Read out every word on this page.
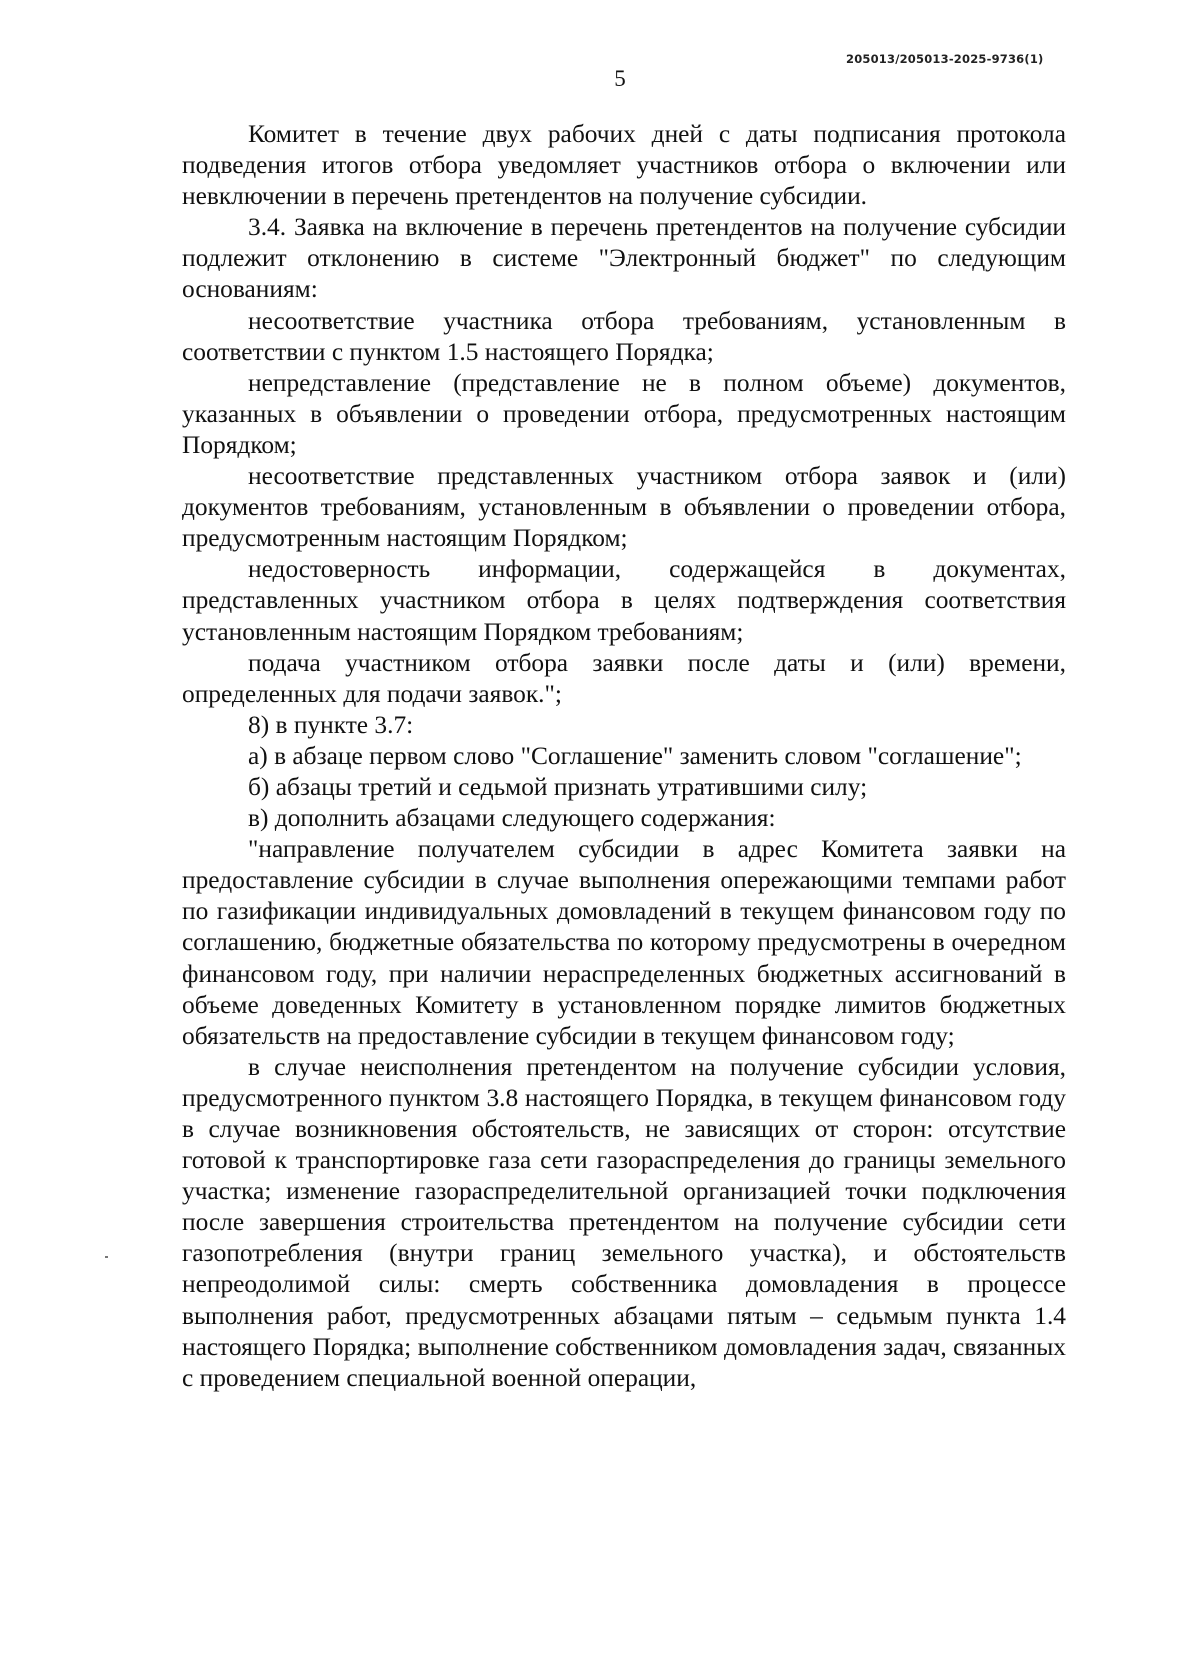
205013/205013-2025-9736(1)
5

Комитет в течение двух рабочих дней с даты подписания протокола подведения итогов отбора уведомляет участников отбора о включении или невключении в перечень претендентов на получение субсидии.

3.4. Заявка на включение в перечень претендентов на получение субсидии подлежит отклонению в системе "Электронный бюджет" по следующим основаниям:

несоответствие участника отбора требованиям, установленным в соответствии с пунктом 1.5 настоящего Порядка;

непредставление (представление не в полном объеме) документов, указанных в объявлении о проведении отбора, предусмотренных настоящим Порядком;

несоответствие представленных участником отбора заявок и (или) документов требованиям, установленным в объявлении о проведении отбора, предусмотренным настоящим Порядком;

недостоверность информации, содержащейся в документах, представленных участником отбора в целях подтверждения соответствия установленным настоящим Порядком требованиям;

подача участником отбора заявки после даты и (или) времени, определенных для подачи заявок.";

8) в пункте 3.7:

а) в абзаце первом слово "Соглашение" заменить словом "соглашение";

б) абзацы третий и седьмой признать утратившими силу;

в) дополнить абзацами следующего содержания:

"направление получателем субсидии в адрес Комитета заявки на предоставление субсидии в случае выполнения опережающими темпами работ по газификации индивидуальных домовладений в текущем финансовом году по соглашению, бюджетные обязательства по которому предусмотрены в очередном финансовом году, при наличии нераспределенных бюджетных ассигнований в объеме доведенных Комитету в установленном порядке лимитов бюджетных обязательств на предоставление субсидии в текущем финансовом году;

в случае неисполнения претендентом на получение субсидии условия, предусмотренного пунктом 3.8 настоящего Порядка, в текущем финансовом году в случае возникновения обстоятельств, не зависящих от сторон: отсутствие готовой к транспортировке газа сети газораспределения до границы земельного участка; изменение газораспределительной организацией точки подключения после завершения строительства претендентом на получение субсидии сети газопотребления (внутри границ земельного участка), и обстоятельств непреодолимой силы: смерть собственника домовладения в процессе выполнения работ, предусмотренных абзацами пятым – седьмым пункта 1.4 настоящего Порядка; выполнение собственником домовладения задач, связанных с проведением специальной военной операции,
